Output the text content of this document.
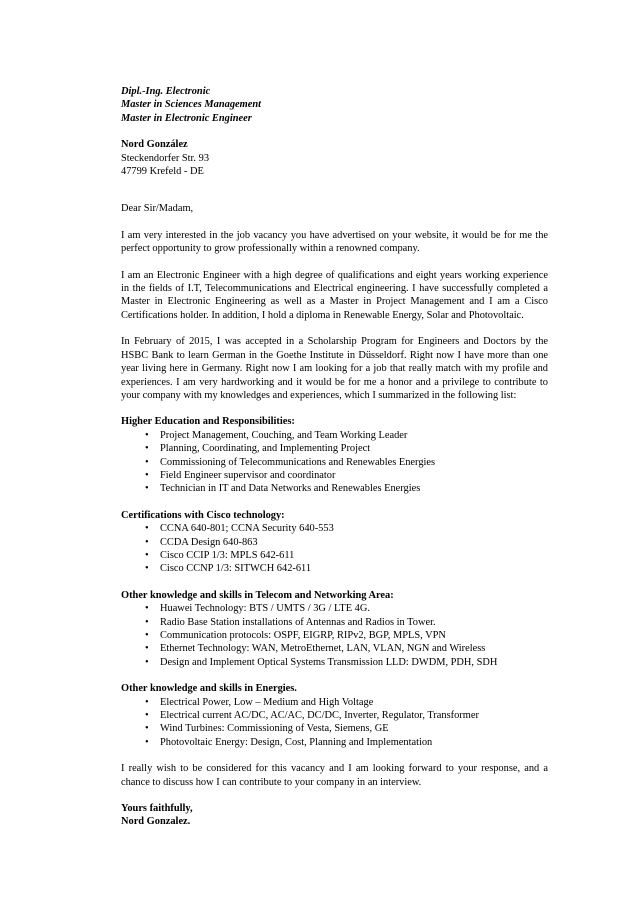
Dipl.-Ing. Electronic

Master in Sciences Management

Master in Electronic Engineer

Nord González

Steckendorfer Str. 93

47799 Krefeld - DE

Dear Sir/Madam,

I am very interested in the job vacancy you have advertised on your website, it would be for me the perfect opportunity to grow professionally within a renowned company.

I am an Electronic Engineer with a high degree of qualifications and eight years working experience in the fields of I.T, Telecommunications and Electrical engineering. I have successfully completed a Master in Electronic Engineering as well as a Master in Project Management and I am a Cisco Certifications holder. In addition, I hold a diploma in Renewable Energy, Solar and Photovoltaic.

In February of 2015, I was accepted in a Scholarship Program for Engineers and Doctors by the HSBC Bank to learn German in the Goethe Institute in Düsseldorf. Right now I have more than one year living here in Germany. Right now I am looking for a job that really match with my profile and experiences. I am very hardworking and it would be for me a honor and a privilege to contribute to your company with my knowledges and experiences, which I summarized in the following list:

Higher Education and Responsibilities:

• Project Management, Couching, and Team Working Leader
• Planning, Coordinating, and Implementing Project
• Commissioning of Telecommunications and Renewables Energies
• Field Engineer supervisor and coordinator
• Technician in IT and Data Networks and Renewables Energies

Certifications with Cisco technology:

• CCNA 640-801; CCNA Security 640-553
• CCDA Design 640-863
• Cisco CCIP 1/3: MPLS 642-611
• Cisco CCNP 1/3: SITWCH 642-611

Other knowledge and skills in Telecom and Networking Area:

• Huawei Technology: BTS / UMTS / 3G / LTE 4G.
• Radio Base Station installations of Antennas and Radios in Tower.
• Communication protocols: OSPF, EIGRP, RIPv2, BGP, MPLS, VPN
• Ethernet Technology: WAN, MetroEthernet, LAN, VLAN, NGN and Wireless
• Design and Implement Optical Systems Transmission LLD: DWDM, PDH, SDH

Other knowledge and skills in Energies.

• Electrical Power, Low – Medium and High Voltage
• Electrical current AC/DC, AC/AC, DC/DC, Inverter, Regulator, Transformer
• Wind Turbines: Commissioning of Vesta, Siemens, GE
• Photovoltaic Energy: Design, Cost, Planning and Implementation

I really wish to be considered for this vacancy and I am looking forward to your response, and a chance to discuss how I can contribute to your company in an interview.

Yours faithfully,

Nord Gonzalez.
